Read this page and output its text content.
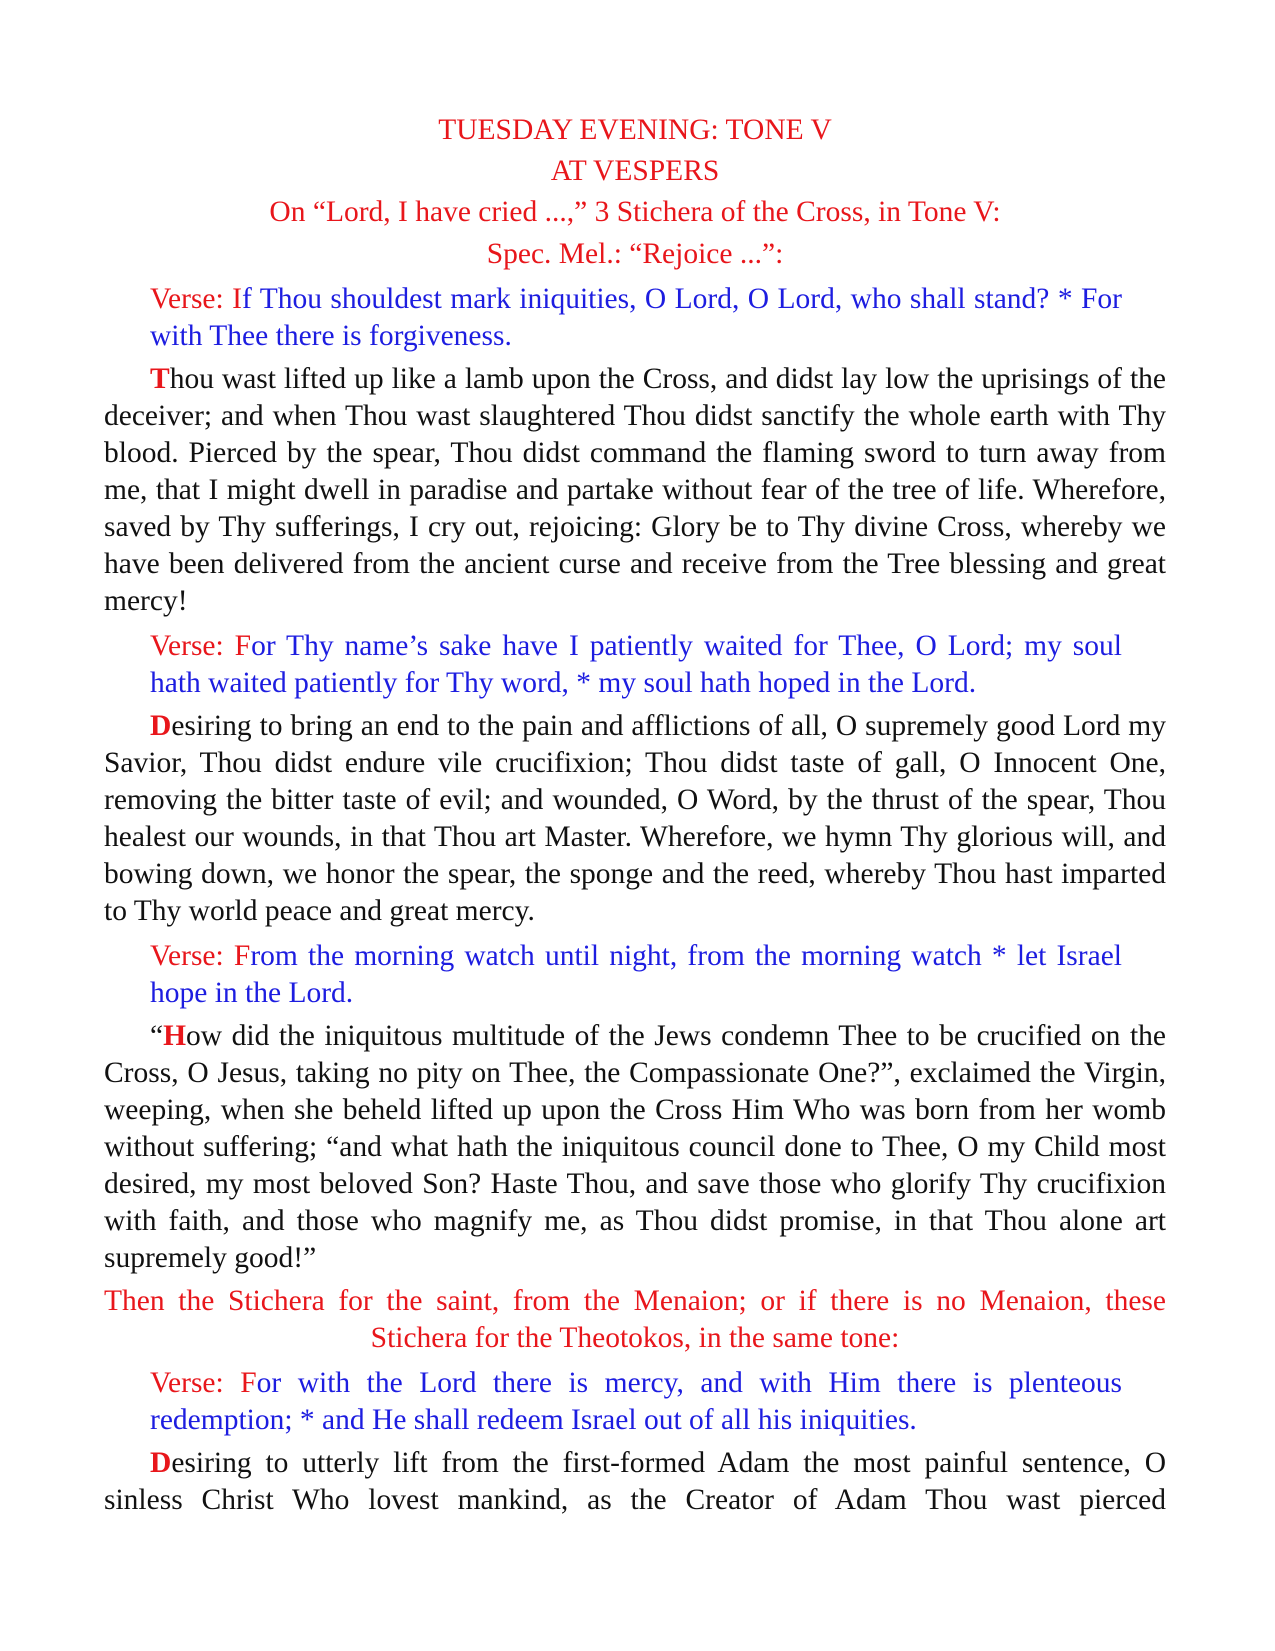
TUESDAY EVENING: TONE V

AT VESPERS

On “Lord, I have cried ...,” 3 Stichera of the Cross, in Tone V:

Spec. Mel.: “Rejoice ...”:

Verse: If Thou shouldest mark iniquities, O Lord, O Lord, who shall stand? * For with Thee there is forgiveness.

Thou wast lifted up like a lamb upon the Cross, and didst lay low the uprisings of the deceiver; and when Thou wast slaughtered Thou didst sanctify the whole earth with Thy blood. Pierced by the spear, Thou didst command the flaming sword to turn away from me, that I might dwell in paradise and partake without fear of the tree of life. Wherefore, saved by Thy sufferings, I cry out, rejoicing: Glory be to Thy divine Cross, whereby we have been delivered from the ancient curse and receive from the Tree blessing and great mercy!

Verse: For Thy name’s sake have I patiently waited for Thee, O Lord; my soul hath waited patiently for Thy word, * my soul hath hoped in the Lord.

Desiring to bring an end to the pain and afflictions of all, O supremely good Lord my Savior, Thou didst endure vile crucifixion; Thou didst taste of gall, O Innocent One, removing the bitter taste of evil; and wounded, O Word, by the thrust of the spear, Thou healest our wounds, in that Thou art Master. Wherefore, we hymn Thy glorious will, and bowing down, we honor the spear, the sponge and the reed, whereby Thou hast imparted to Thy world peace and great mercy.

Verse: From the morning watch until night, from the morning watch * let Israel hope in the Lord.

“How did the iniquitous multitude of the Jews condemn Thee to be crucified on the Cross, O Jesus, taking no pity on Thee, the Compassionate One?”, exclaimed the Virgin, weeping, when she beheld lifted up upon the Cross Him Who was born from her womb without suffering; “and what hath the iniquitous council done to Thee, O my Child most desired, my most beloved Son? Haste Thou, and save those who glorify Thy crucifixion with faith, and those who magnify me, as Thou didst promise, in that Thou alone art supremely good!”

Then the Stichera for the saint, from the Menaion; or if there is no Menaion, these Stichera for the Theotokos, in the same tone:

Verse: For with the Lord there is mercy, and with Him there is plenteous redemption; * and He shall redeem Israel out of all his iniquities.

Desiring to utterly lift from the first-formed Adam the most painful sentence, O sinless Christ Who lovest mankind, as the Creator of Adam Thou wast pierced
